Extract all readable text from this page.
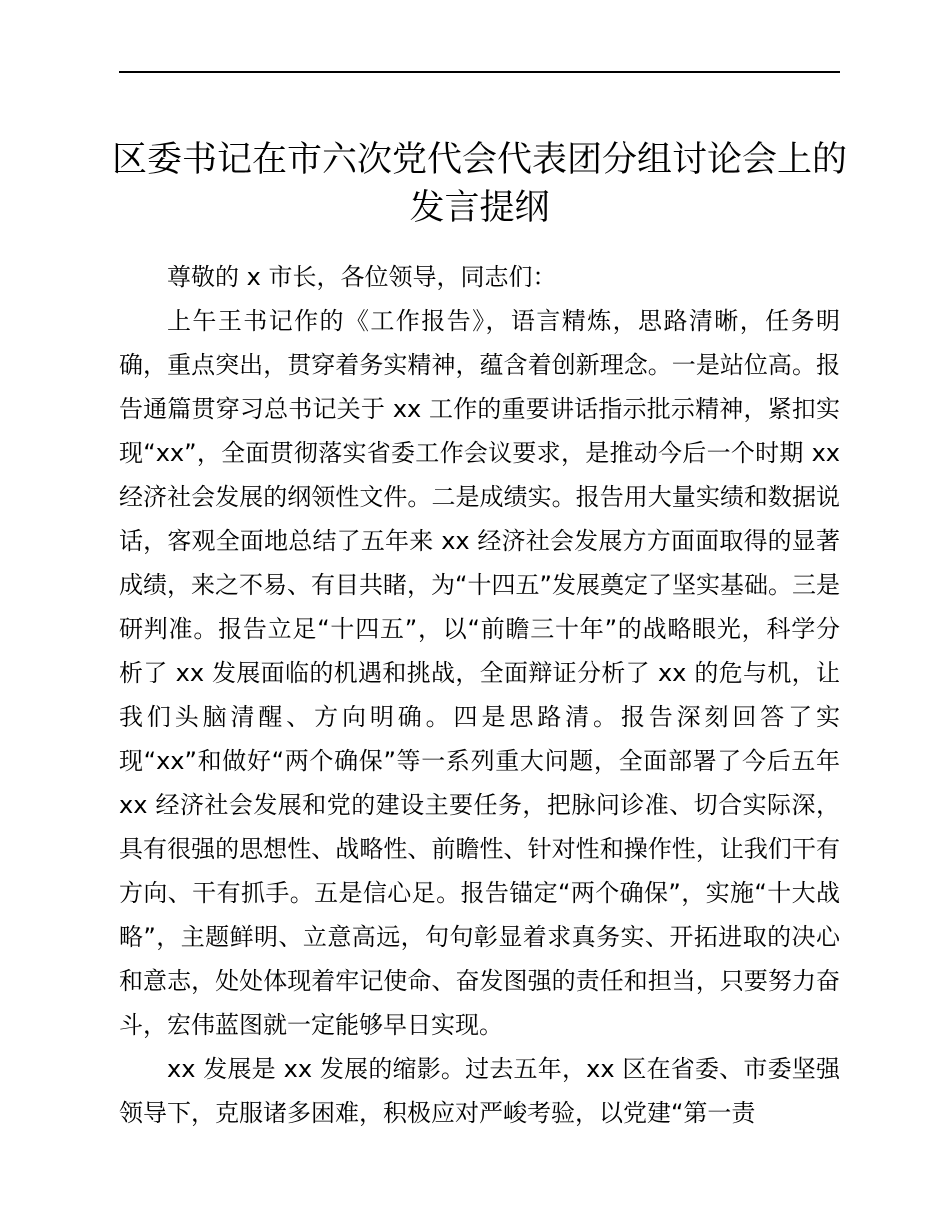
区委书记在市六次党代会代表团分组讨论会上的
发言提纲

尊敬的 x 市长，各位领导，同志们：

上午王书记作的《工作报告》，语言精炼，思路清晰，任务明确，重点突出，贯穿着务实精神，蕴含着创新理念。一是站位高。报告通篇贯穿习总书记关于 xx 工作的重要讲话指示批示精神，紧扣实现“xx”，全面贯彻落实省委工作会议要求，是推动今后一个时期 xx 经济社会发展的纲领性文件。二是成绩实。报告用大量实绩和数据说话，客观全面地总结了五年来 xx 经济社会发展方方面面取得的显著成绩，来之不易、有目共睹，为“十四五”发展奠定了坚实基础。三是研判准。报告立足“十四五”，以“前瞻三十年”的战略眼光，科学分析了 xx 发展面临的机遇和挑战，全面辩证分析了 xx 的危与机，让我们头脑清醒、方向明确。四是思路清。报告深刻回答了实现“xx”和做好“两个确保”等一系列重大问题，全面部署了今后五年 xx 经济社会发展和党的建设主要任务，把脉问诊准、切合实际深，具有很强的思想性、战略性、前瞻性、针对性和操作性，让我们干有方向、干有抓手。五是信心足。报告锚定“两个确保”，实施“十大战略”，主题鲜明、立意高远，句句彰显着求真务实、开拓进取的决心和意志，处处体现着牢记使命、奋发图强的责任和担当，只要努力奋斗，宏伟蓝图就一定能够早日实现。

xx 发展是 xx 发展的缩影。过去五年，xx 区在省委、市委坚强领导下，克服诸多困难，积极应对严峻考验，以党建“第一责
